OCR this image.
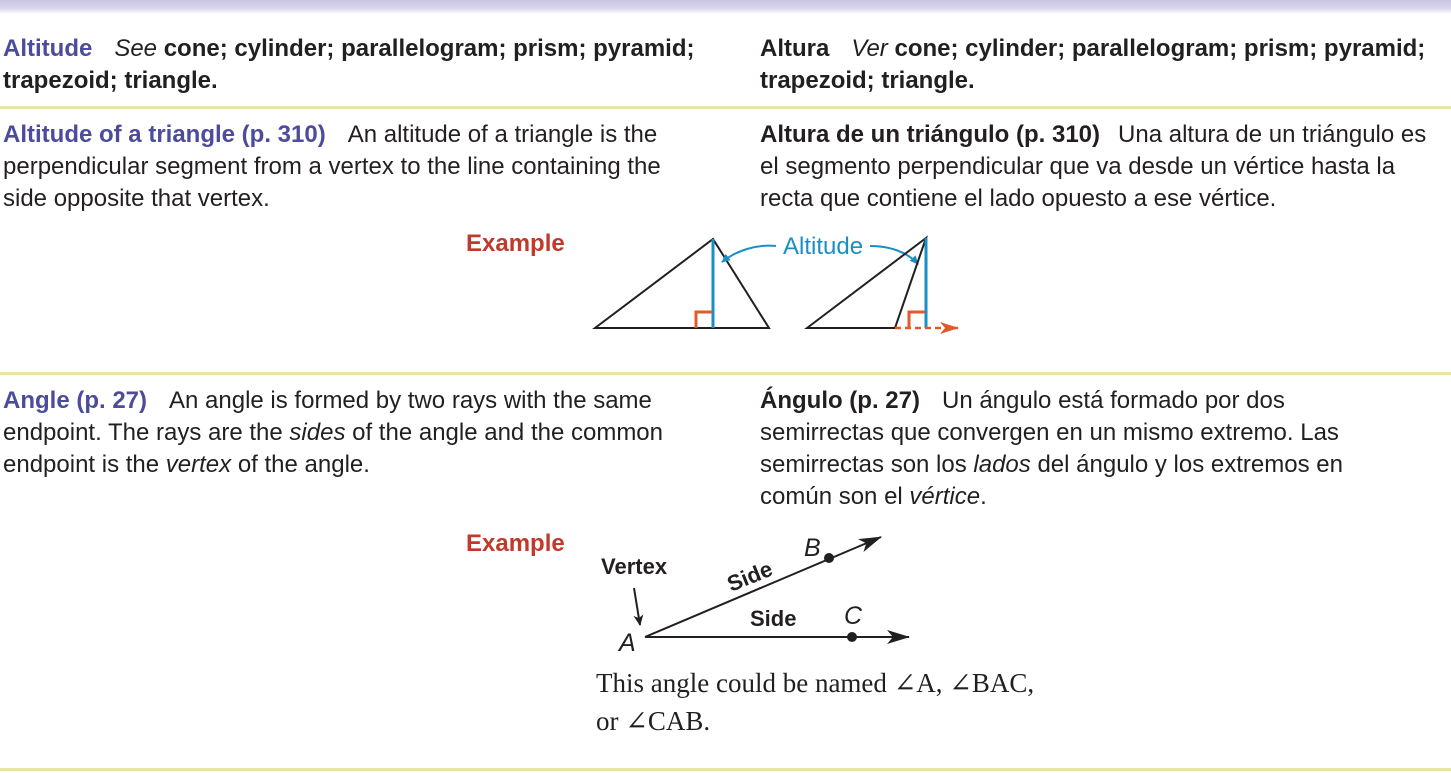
Altitude See cone; cylinder; parallelogram; prism; pyramid; trapezoid; triangle.
Altura Ver cone; cylinder; parallelogram; prism; pyramid; trapezoid; triangle.
Altitude of a triangle (p. 310) An altitude of a triangle is the perpendicular segment from a vertex to the line containing the side opposite that vertex.
Altura de un triángulo (p. 310) Una altura de un triángulo es el segmento perpendicular que va desde un vértice hasta la recta que contiene el lado opuesto a ese vértice.
Example	Altitude
Vertex	Side
Side
A
B
C
Angle (p. 27) An angle is formed by two rays with the same endpoint. The rays are the sides of the angle and the common endpoint is the vertex of the angle.
Ángulo (p. 27) Un ángulo está formado por dos semirrectas que convergen en un mismo extremo. Las semirrectas son los lados del ángulo y los extremos en común son el vértice.
Example
This angle could be named ∠A, ∠BAC,
or ∠CAB.
